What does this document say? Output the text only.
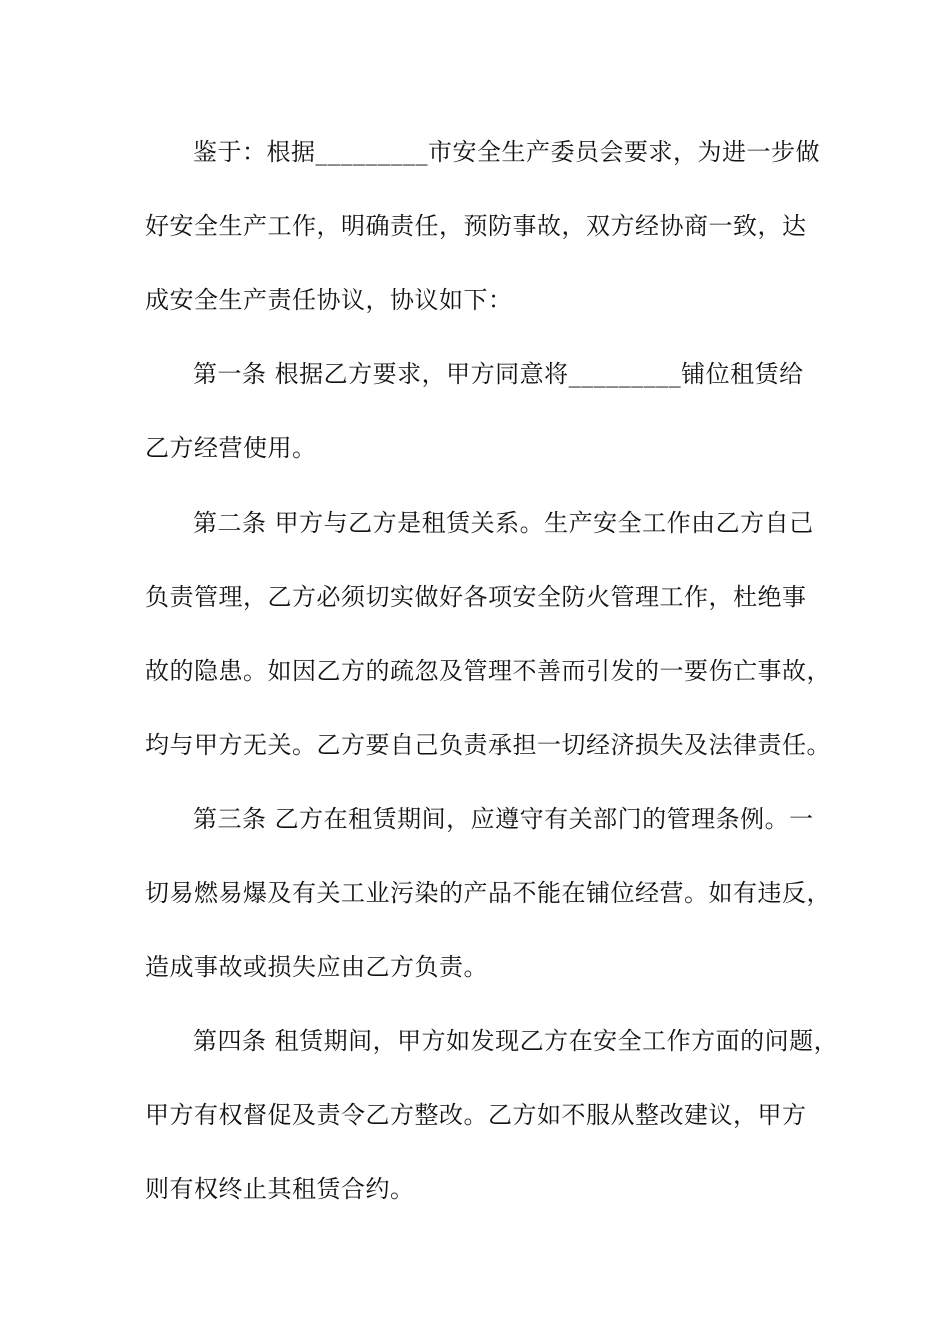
鉴于：根据_________市安全生产委员会要求，为进一步做
好安全生产工作，明确责任，预防事故，双方经协商一致，达
成安全生产责任协议，协议如下：
第一条 根据乙方要求，甲方同意将_________铺位租赁给
乙方经营使用。
第二条 甲方与乙方是租赁关系。生产安全工作由乙方自己
负责管理，乙方必须切实做好各项安全防火管理工作，杜绝事
故的隐患。如因乙方的疏忽及管理不善而引发的一要伤亡事故，
均与甲方无关。乙方要自己负责承担一切经济损失及法律责任。
第三条 乙方在租赁期间，应遵守有关部门的管理条例。一
切易燃易爆及有关工业污染的产品不能在铺位经营。如有违反，
造成事故或损失应由乙方负责。
第四条 租赁期间，甲方如发现乙方在安全工作方面的问题，
甲方有权督促及责令乙方整改。乙方如不服从整改建议，甲方
则有权终止其租赁合约。
